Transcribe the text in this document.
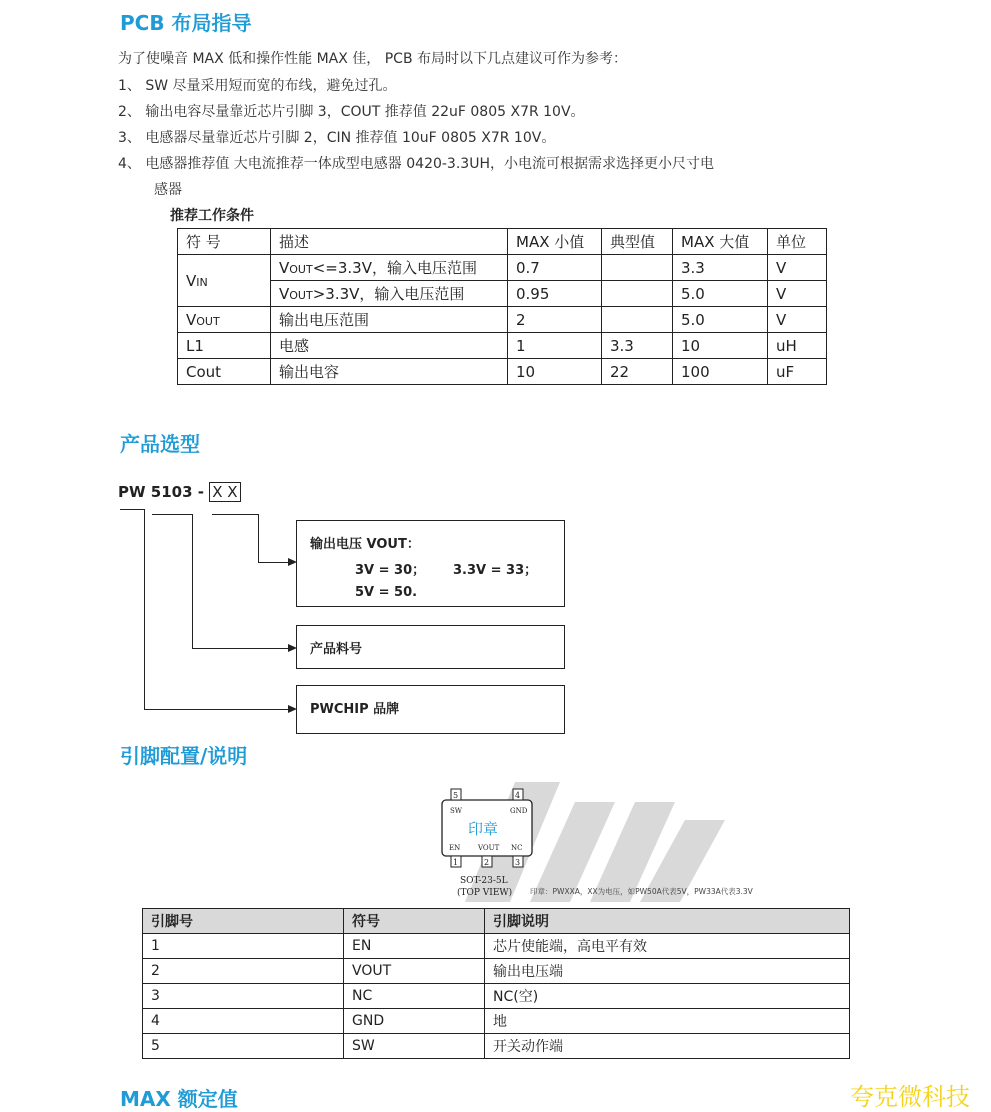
PCB 布局指导
为了使噪音 MAX 低和操作性能 MAX 佳， PCB 布局时以下几点建议可作为参考：
1、 SW 尽量采用短而宽的布线，避免过孔。
2、 输出电容尽量靠近芯片引脚 3，COUT 推荐值 22uF 0805 X7R 10V。
3、 电感器尽量靠近芯片引脚 2，CIN 推荐值 10uF 0805 X7R 10V。
4、 电感器推荐值 大电流推荐一体成型电感器 0420-3.3UH，小电流可根据需求选择更小尺寸电
感器
推荐工作条件
符 号	描述	MAX 小值	典型值	MAX 大值	单位
VIN	VOUT<=3.3V，输入电压范围	0.7		3.3	V
	VOUT>3.3V，输入电压范围	0.95		5.0	V
VOUT	输出电压范围	2		5.0	V
L1	电感	1	3.3	10	uH
Cout	输出电容	10	22	100	uF
产品选型
PW 5103 - X X
输出电压 VOUT：
3V = 30； 3.3V = 33；
5V = 50.
产品料号
PWCHIP 品牌
引脚配置/说明
5	4
1	2	3
SW	GND
EN	VOUT NC
SOT-23-5L
(TOP VIEW)
印章
印章：PWXXA，XX为电压，如PW50A代表5V，PW33A代表3.3V
引脚号	符号	引脚说明
1	EN	芯片使能端，高电平有效
2	VOUT	输出电压端
3	NC	NC(空)
4	GND	地
5	SW	开关动作端
MAX 额定值	夸克微科技
